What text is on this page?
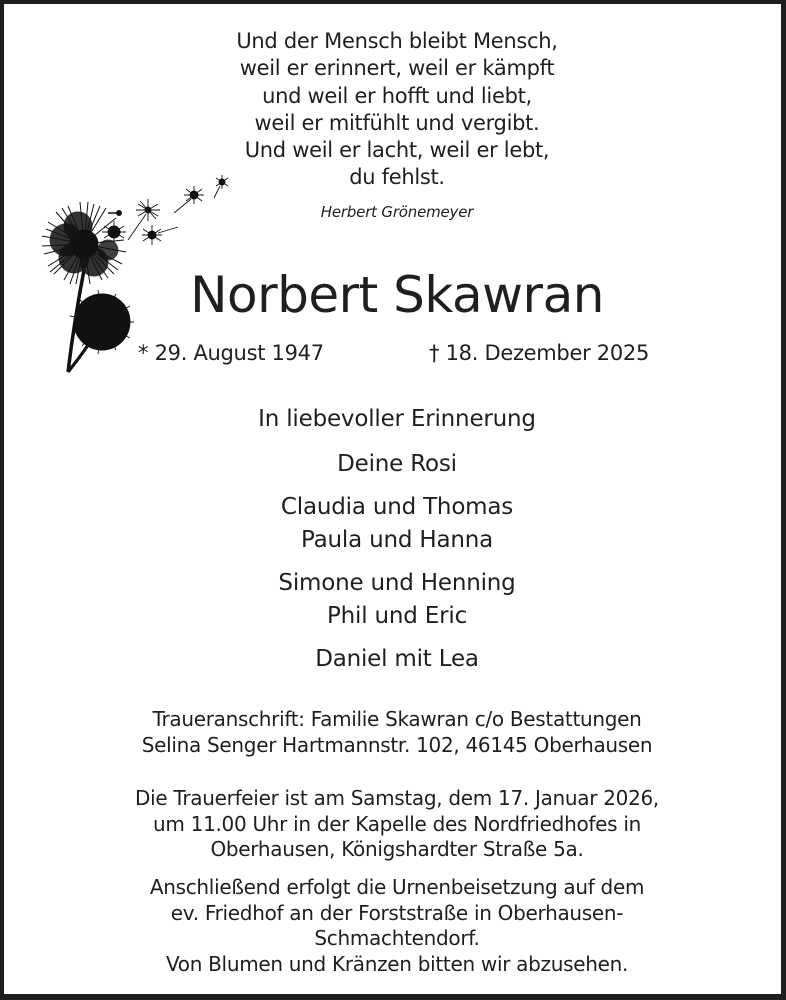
Und der Mensch bleibt Mensch,
weil er erinnert, weil er kämpft
und weil er hofft und liebt,
weil er mitfühlt und vergibt.
Und weil er lacht, weil er lebt,
du fehlst.
Herbert Grönemeyer
Norbert Skawran
* 29. August 1947	† 18. Dezember 2025
In liebevoller Erinnerung
Deine Rosi
Claudia und Thomas
Paula und Hanna
Simone und Henning
Phil und Eric
Daniel mit Lea
Traueranschrift: Familie Skawran c/o Bestattungen
Selina Senger Hartmannstr. 102, 46145 Oberhausen
Die Trauerfeier ist am Samstag, dem 17. Januar 2026,
um 11.00 Uhr in der Kapelle des Nordfriedhofes in
Oberhausen, Königshardter Straße 5a.
Anschließend erfolgt die Urnenbeisetzung auf dem
ev. Friedhof an der Forststraße in Oberhausen-
Schmachtendorf.
Von Blumen und Kränzen bitten wir abzusehen.
